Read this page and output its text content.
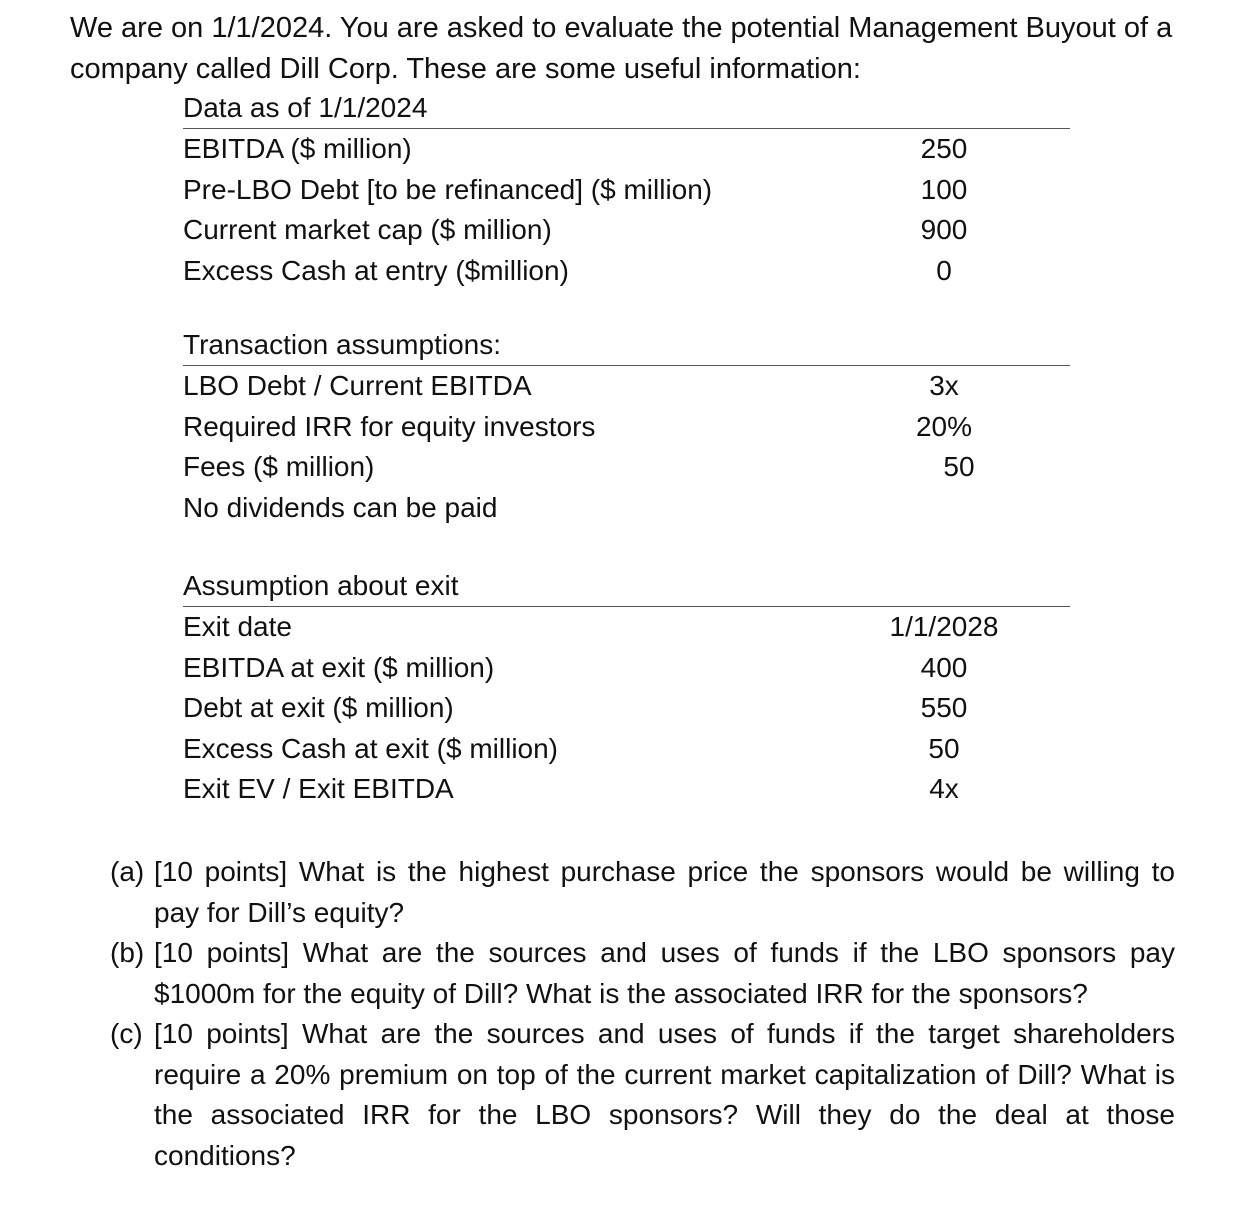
We are on 1/1/2024. You are asked to evaluate the potential Management Buyout of a company called Dill Corp. These are some useful information:

Data as of 1/1/2024
EBITDA ($ million)	250
Pre-LBO Debt [to be refinanced] ($ million)	100
Current market cap ($ million)	900
Excess Cash at entry ($million)	0
Transaction assumptions:
LBO Debt / Current EBITDA	3x
Required IRR for equity investors	20%
Fees ($ million)	50
No dividends can be paid
Assumption about exit
Exit date	1/1/2028
EBITDA at exit ($ million)	400
Debt at exit ($ million)	550
Excess Cash at exit ($ million)	50
Exit EV / Exit EBITDA	4x
(a) [10 points] What is the highest purchase price the sponsors would be willing to pay for Dill’s equity?
(b) [10 points] What are the sources and uses of funds if the LBO sponsors pay $1000m for the equity of Dill? What is the associated IRR for the sponsors?
(c) [10 points] What are the sources and uses of funds if the target shareholders require a 20% premium on top of the current market capitalization of Dill? What is the associated IRR for the LBO sponsors? Will they do the deal at those conditions?
